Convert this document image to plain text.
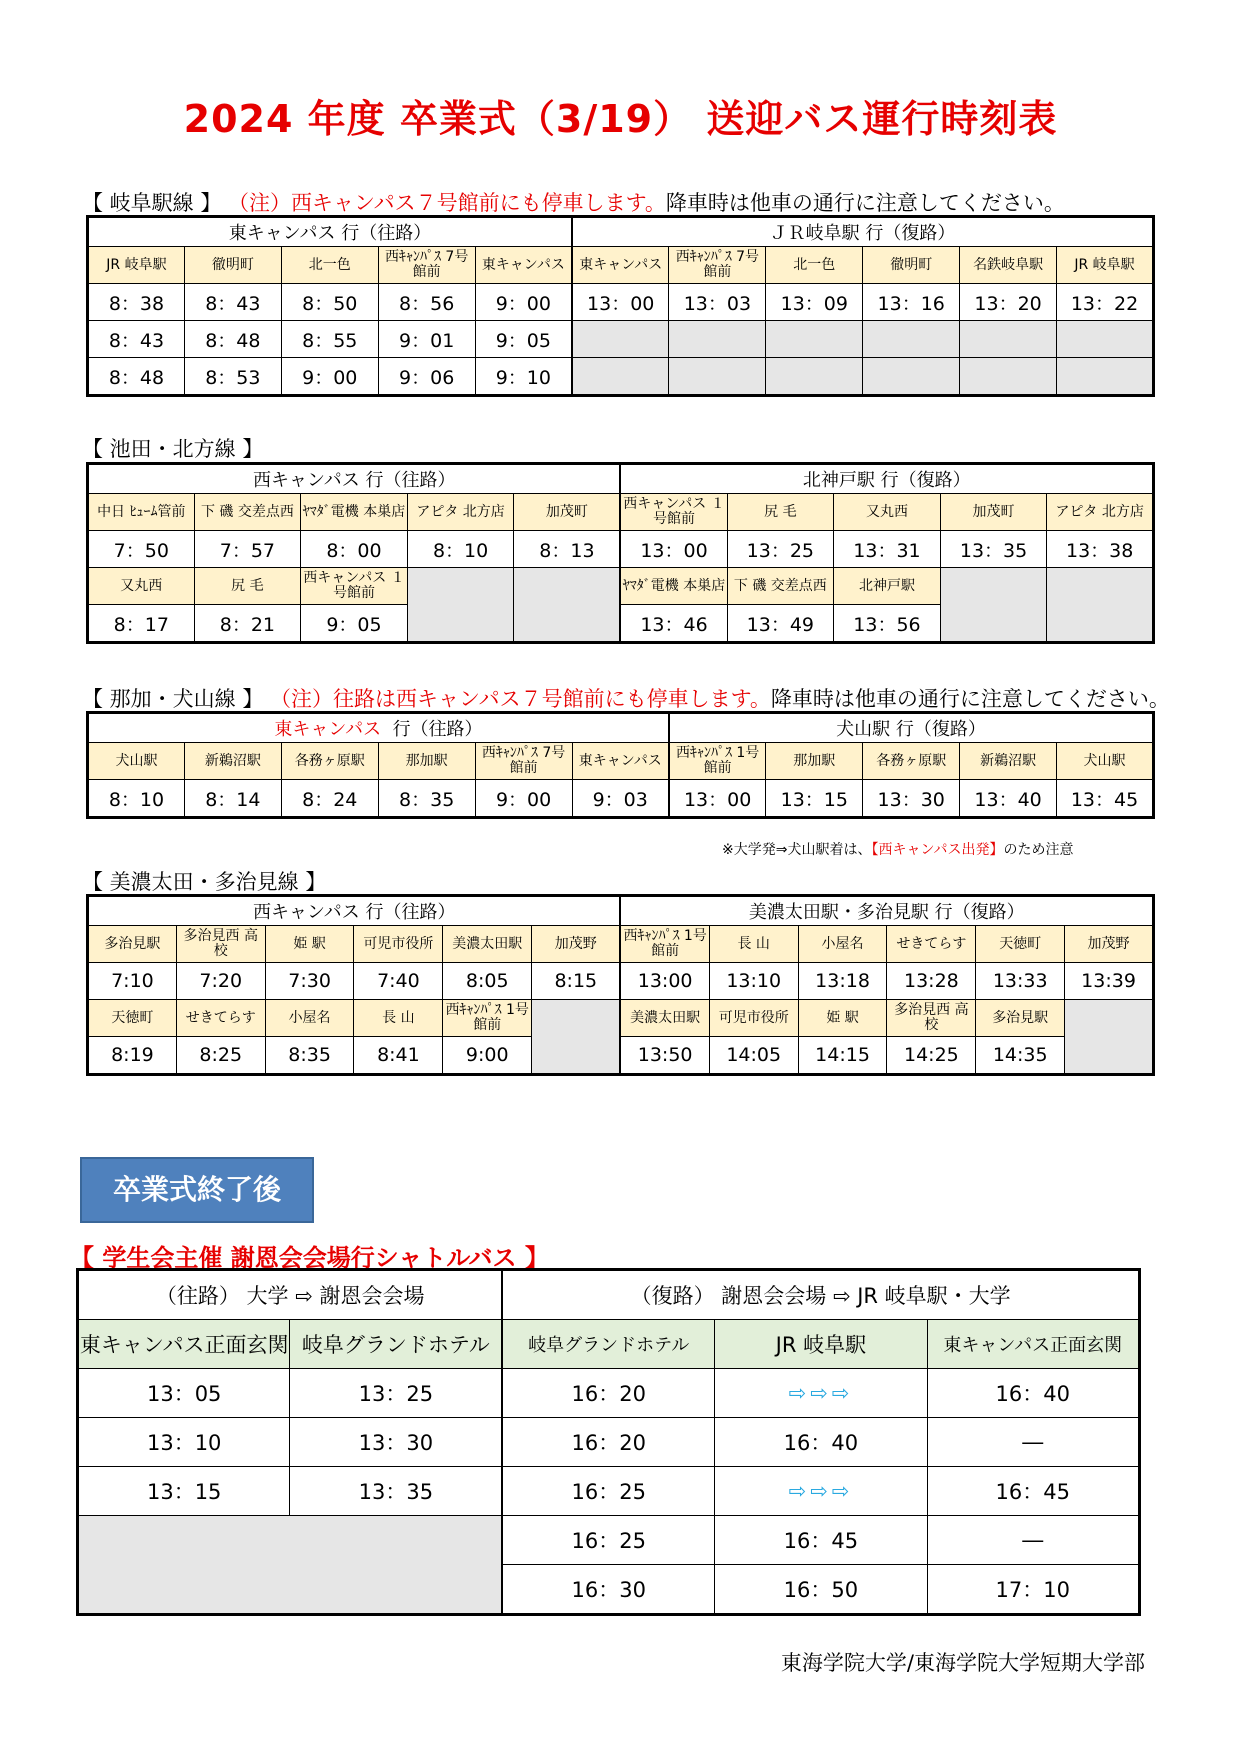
2024 年度 卒業式（3/19） 送迎バス運行時刻表
【 岐阜駅線 】 （注）西キャンパス７号館前にも停車します。降車時は他車の通行に注意してください。
東キャンパス 行（往路）					ＪＲ岐阜駅 行（復路）					
JR 岐阜駅	徹明町	北一色	西ｷｬﾝﾊﾟｽ 7号館前	東キャンパス	東キャンパス	西ｷｬﾝﾊﾟｽ 7号館前	北一色	徹明町	名鉄岐阜駅	JR 岐阜駅
8：38	8：43	8：50	8：56	9：00	13：00	13：03	13：09	13：16	13：20	13：22
8：43	8：48	8：55	9：01	9：05						
8：48	8：53	9：00	9：06	9：10						
【 池田・北方線 】
西キャンパス 行（往路）					北神戸駅 行（復路）				
中日 ﾋｭｰﾑ管前	下 磯 交差点西	ﾔﾏﾀﾞ電機 本巣店	アピタ 北方店	加茂町	西キャンパス １号館前	尻 毛	又丸西	加茂町	アピタ 北方店
7：50	7：57	8：00	8：10	8：13	13：00	13：25	13：31	13：35	13：38
又丸西	尻 毛	西キャンパス １号館前			ﾔﾏﾀﾞ電機 本巣店	下 磯 交差点西	北神戸駅		
8：17	8：21	9：05			13：46	13：49	13：56		
【 那加・犬山線 】 （注）往路は西キャンパス７号館前にも停車します。降車時は他車の通行に注意してください。
東キャンパス 行（往路）						犬山駅 行（復路）				
犬山駅	新鵜沼駅	各務ヶ原駅	那加駅	西ｷｬﾝﾊﾟｽ 7号館前	東キャンパス	西ｷｬﾝﾊﾟｽ 1号館前	那加駅	各務ヶ原駅	新鵜沼駅	犬山駅
8：10	8：14	8：24	8：35	9：00	9：03	13：00	13：15	13：30	13：40	13：45
※大学発⇒犬山駅着は、【西キャンパス出発】のため注意
【 美濃太田・多治見線 】
西キャンパス 行（往路）						美濃太田駅・多治見駅 行（復路）					
多治見駅	多治見西 高校	姫 駅	可児市役所	美濃太田駅	加茂野	西ｷｬﾝﾊﾟｽ 1号館前	長 山	小屋名	せきてらす	天徳町	加茂野
7:10	7:20	7:30	7:40	8:05	8:15	13:00	13:10	13:18	13:28	13:33	13:39
天徳町	せきてらす	小屋名	長 山	西ｷｬﾝﾊﾟｽ 1号館前		美濃太田駅	可児市役所	姫 駅	多治見西 高校	多治見駅	
8:19	8:25	8:35	8:41	9:00		13:50	14:05	14:15	14:25	14:35	
卒業式終了後
【 学生会主催 謝恩会会場行シャトルバス 】
（往路） 大学 ⇨ 謝恩会会場		（復路） 謝恩会会場 ⇨ JR 岐阜駅・大学		
東キャンパス正面玄関	岐阜グランドホテル	岐阜グランドホテル	JR 岐阜駅	東キャンパス正面玄関
13：05	13：25	16：20	⇨⇨⇨	16：40
13：10	13：30	16：20	16：40	―
13：15	13：35	16：25	⇨⇨⇨	16：45
		16：25	16：45	―
		16：30	16：50	17：10
東海学院大学/東海学院大学短期大学部
